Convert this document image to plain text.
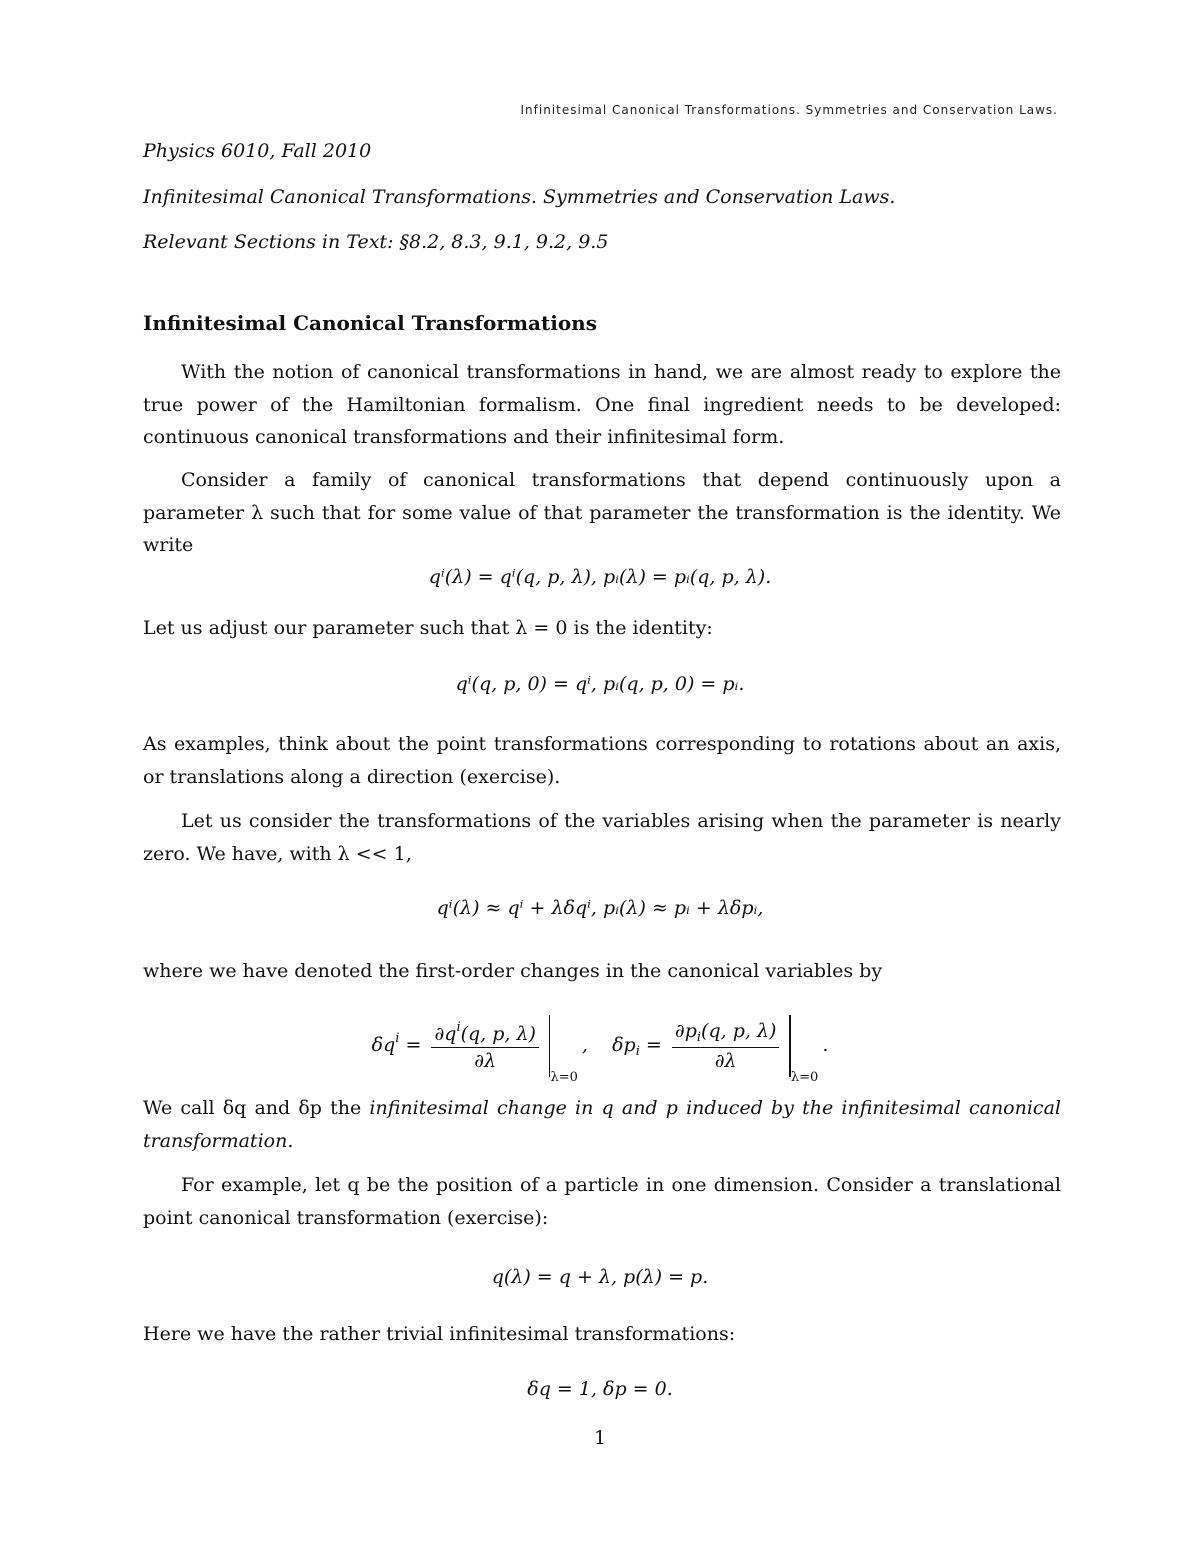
Infinitesimal Canonical Transformations. Symmetries and Conservation Laws.
Physics 6010, Fall 2010
Infinitesimal Canonical Transformations. Symmetries and Conservation Laws.
Relevant Sections in Text: §8.2, 8.3, 9.1, 9.2, 9.5
Infinitesimal Canonical Transformations
With the notion of canonical transformations in hand, we are almost ready to explore the true power of the Hamiltonian formalism. One final ingredient needs to be developed: continuous canonical transformations and their infinitesimal form.
Consider a family of canonical transformations that depend continuously upon a parameter λ such that for some value of that parameter the transformation is the identity. We write
qⁱ(λ) = qⁱ(q, p, λ), pᵢ(λ) = pᵢ(q, p, λ).
Let us adjust our parameter such that λ = 0 is the identity:
qⁱ(q, p, 0) = qⁱ, pᵢ(q, p, 0) = pᵢ.
As examples, think about the point transformations corresponding to rotations about an axis, or translations along a direction (exercise).
Let us consider the transformations of the variables arising when the parameter is nearly zero. We have, with λ << 1,
qⁱ(λ) ≈ qⁱ + λδqⁱ, pᵢ(λ) ≈ pᵢ + λδpᵢ,
where we have denoted the first-order changes in the canonical variables by
$\delta q^i = \frac{\partial q^i(q, p, \lambda)}{\partial\lambda}$
λ=0,    $\delta p_i = \frac{\partial p_i(q, p, \lambda)}{\partial\lambda}$
λ=0.
We call δq and δp the infinitesimal change in q and p induced by the infinitesimal canonical transformation.
For example, let q be the position of a particle in one dimension. Consider a translational point canonical transformation (exercise):
q(λ) = q + λ, p(λ) = p.
Here we have the rather trivial infinitesimal transformations:
δq = 1, δp = 0.
1
